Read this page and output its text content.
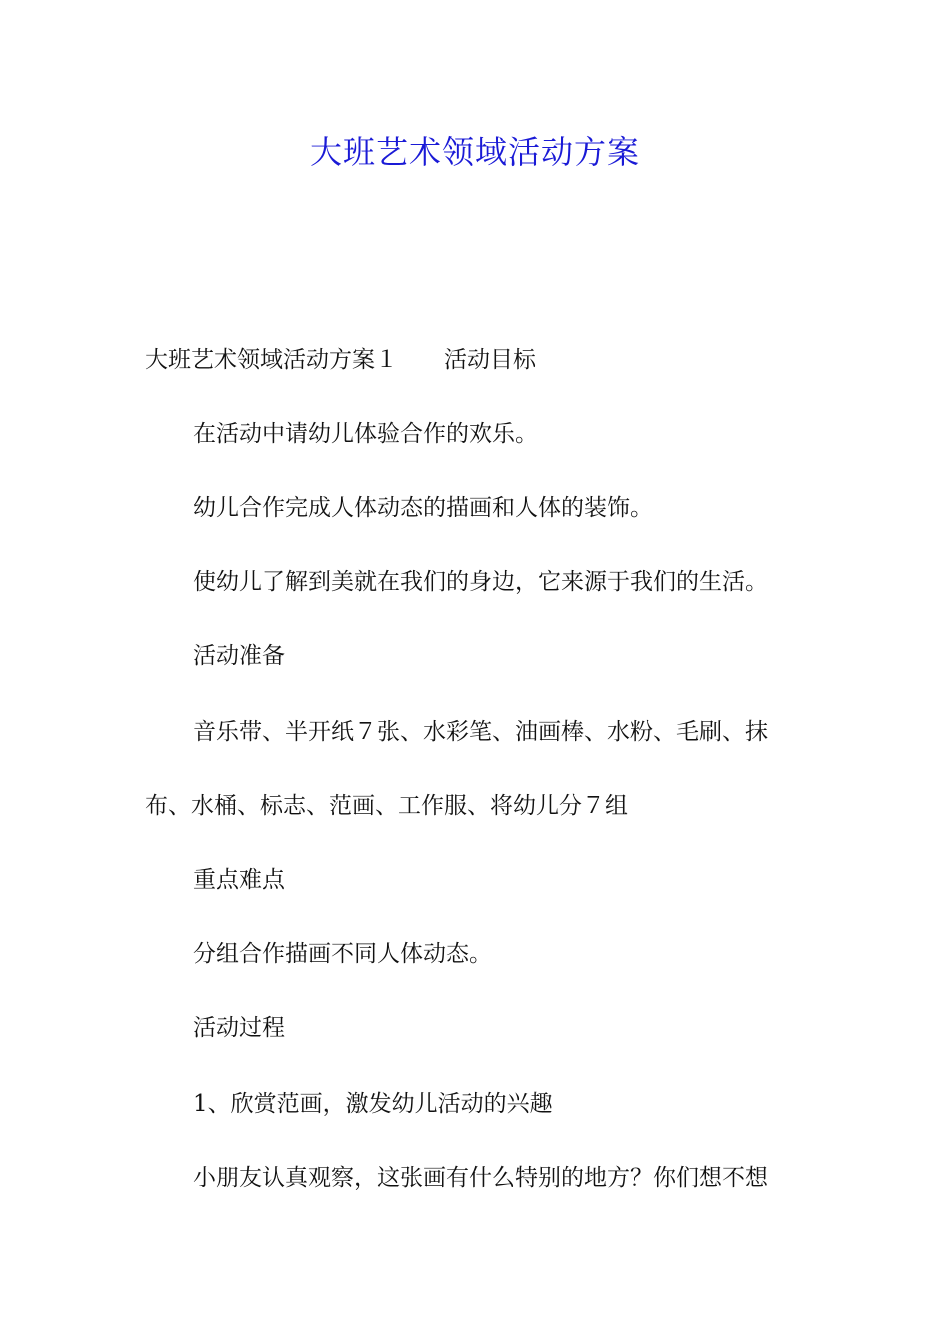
大班艺术领域活动方案

大班艺术领域活动方案１ 活动目标

在活动中请幼儿体验合作的欢乐。

幼儿合作完成人体动态的描画和人体的装饰。

使幼儿了解到美就在我们的身边，它来源于我们的生活。

活动准备

音乐带、半开纸７张、水彩笔、油画棒、水粉、毛刷、抹

布、水桶、标志、范画、工作服、将幼儿分７组

重点难点

分组合作描画不同人体动态。

活动过程

1、欣赏范画，激发幼儿活动的兴趣

小朋友认真观察，这张画有什么特别的地方？你们想不想
